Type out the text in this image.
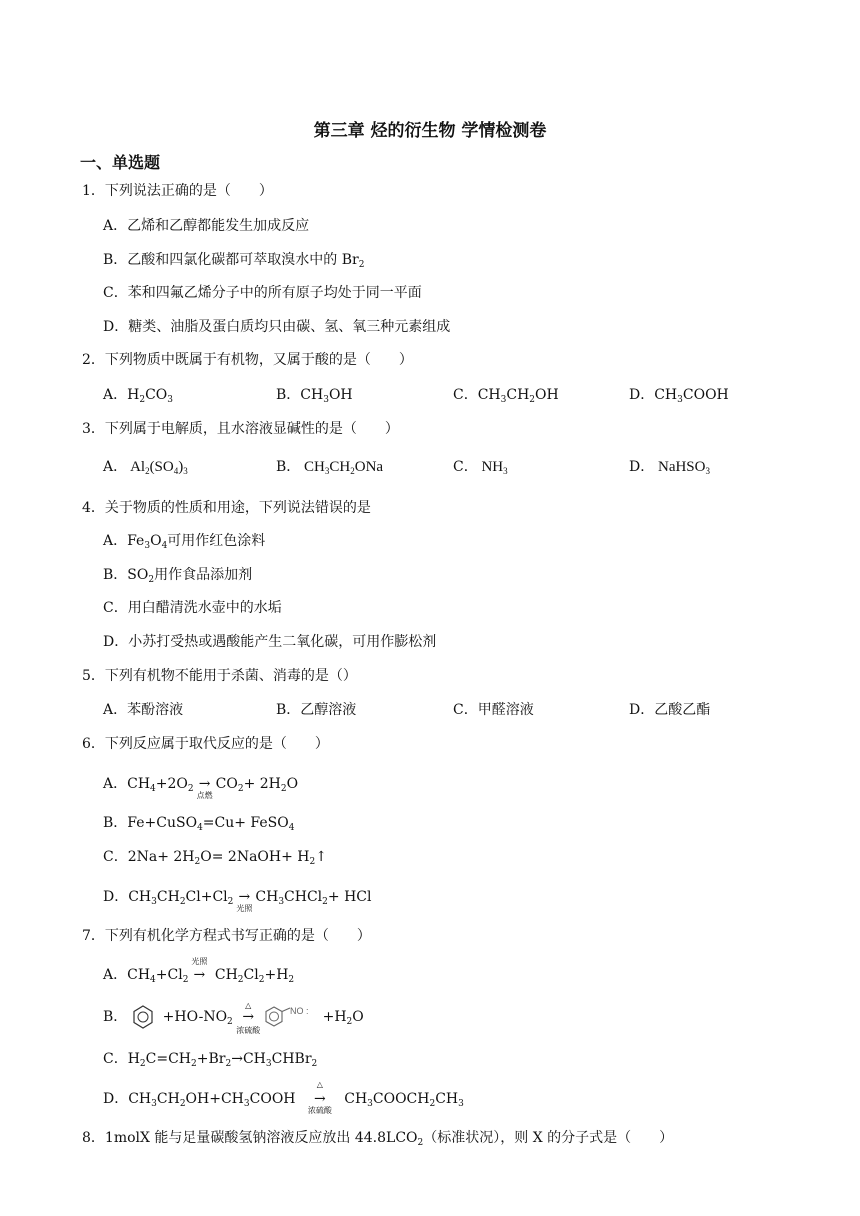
第三章 烃的衍生物 学情检测卷
一、单选题
1．下列说法正确的是（　　）
A．乙烯和乙醇都能发生加成反应
B．乙酸和四氯化碳都可萃取溴水中的 $Br_2$
C．苯和四氟乙烯分子中的所有原子均处于同一平面
D．糖类、油脂及蛋白质均只由碳、氢、氧三种元素组成
2．下列物质中既属于有机物，又属于酸的是（　　）
A．$H_2CO_3$	B．$CH_3OH$	C．$CH_3CH_2OH$	D．$CH_3COOH$
3．下列属于电解质，且水溶液显碱性的是（　　）
A． $Al_2(SO_4)_3$	B． $CH_3CH_2ONa$	C． $NH_3$	D． NaHSO$_3$
4．关于物质的性质和用途，下列说法错误的是
A．$Fe_3O_4$可用作红色涂料
B．$SO_2$用作食品添加剂
C．用白醋清洗水壶中的水垢
D．小苏打受热或遇酸能产生二氧化碳，可用作膨松剂
5．下列有机物不能用于杀菌、消毒的是（）
A．苯酚溶液	B．乙醇溶液	C．甲醛溶液	D．乙酸乙酯
6．下列反应属于取代反应的是（　　）
A．$CH_4+2O_2$ →
点燃
$CO_2+ 2H_2O$
B．Fe+CuSO$_4$=Cu+ FeSO$_4$
C．$2Na+ 2H_2O=$ 2NaOH+ $H_2↑$
D．$CH_3CH_2Cl+Cl_2$ →
光照
$CH_3CHCl_2+$ HCl
7．下列有机化学方程式书写正确的是（　　）
A．$CH_4+Cl_2$ →
光照
$CH_2Cl_2+H_2$
B．	$+HO-NO_2$
△
→
浓硫酸

NO : $+H_2O$
C．$H_2C=CH_2+Br_2\to CH_3CHBr_2$
D．$CH_3CH_2OH+CH_3COOH$
△
→
浓硫酸
$CH_3COOCH_2CH_3$
8．1molX 能与足量碳酸氢钠溶液反应放出 $44.8LCO_2$（标准状况），则 X 的分子式是（　　）
